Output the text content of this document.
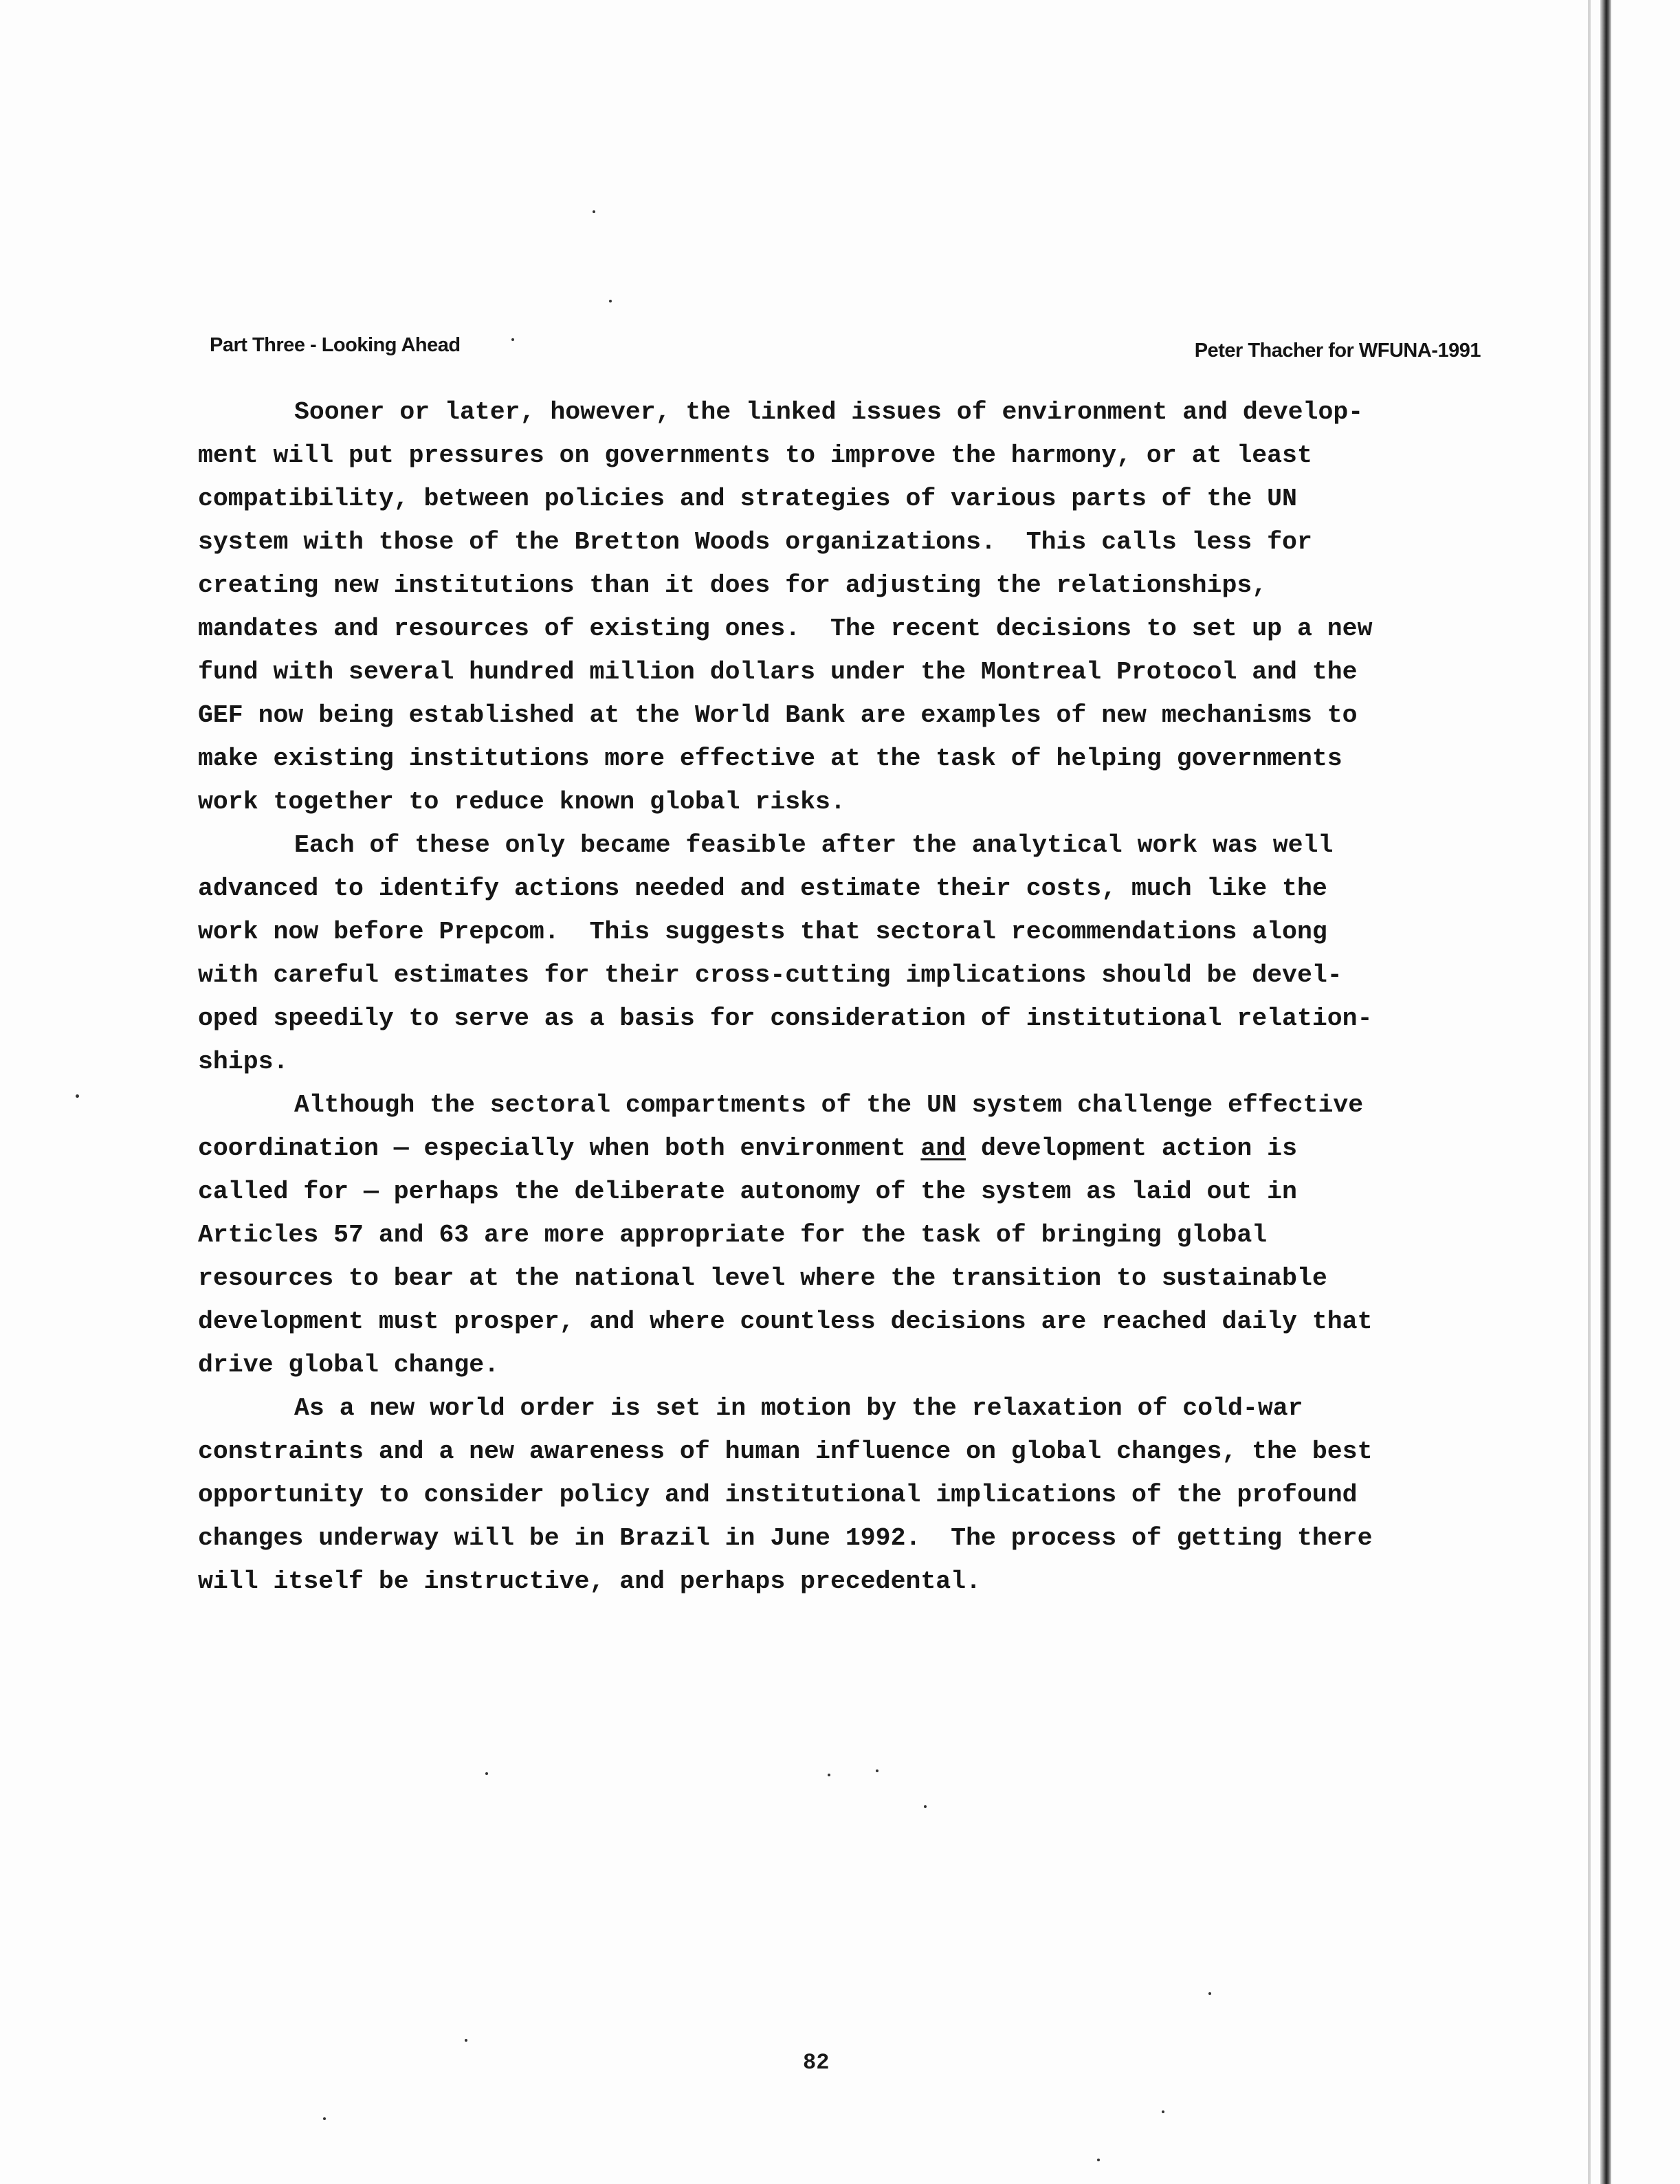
Part Three - Looking Ahead	Peter Thacher for WFUNA-1991
Sooner or later, however, the linked issues of environment and develop-
ment will put pressures on governments to improve the harmony, or at least
compatibility, between policies and strategies of various parts of the UN
system with those of the Bretton Woods organizations.  This calls less for
creating new institutions than it does for adjusting the relationships,
mandates and resources of existing ones.  The recent decisions to set up a new
fund with several hundred million dollars under the Montreal Protocol and the
GEF now being established at the World Bank are examples of new mechanisms to
make existing institutions more effective at the task of helping governments
work together to reduce known global risks.
Each of these only became feasible after the analytical work was well
advanced to identify actions needed and estimate their costs, much like the
work now before Prepcom.  This suggests that sectoral recommendations along
with careful estimates for their cross-cutting implications should be devel-
oped speedily to serve as a basis for consideration of institutional relation-
ships.
Although the sectoral compartments of the UN system challenge effective
coordination — especially when both environment and development action is
called for — perhaps the deliberate autonomy of the system as laid out in
Articles 57 and 63 are more appropriate for the task of bringing global
resources to bear at the national level where the transition to sustainable
development must prosper, and where countless decisions are reached daily that
drive global change.
As a new world order is set in motion by the relaxation of cold-war
constraints and a new awareness of human influence on global changes, the best
opportunity to consider policy and institutional implications of the profound
changes underway will be in Brazil in June 1992.  The process of getting there
will itself be instructive, and perhaps precedental.
82
